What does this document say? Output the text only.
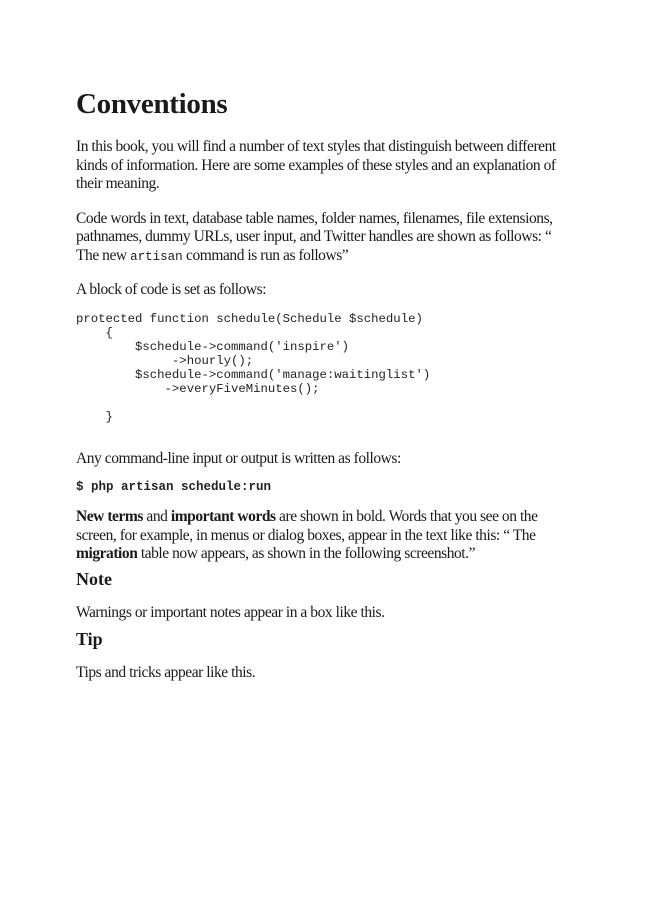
Conventions

In this book, you will find a number of text styles that distinguish between different kinds of information. Here are some examples of these styles and an explanation of their meaning.

Code words in text, database table names, folder names, filenames, file extensions, pathnames, dummy URLs, user input, and Twitter handles are shown as follows: “ The new artisan command is run as follows”

A block of code is set as follows:

protected function schedule(Schedule $schedule)
{
$schedule->command('inspire')
->hourly();
$schedule->command('manage:waitinglist')
->everyFiveMinutes();

}

Any command-line input or output is written as follows:

$ php artisan schedule:run

New terms and important words are shown in bold. Words that you see on the screen, for example, in menus or dialog boxes, appear in the text like this: “ The migration table now appears, as shown in the following screenshot.”

Note

Warnings or important notes appear in a box like this.

Tip

Tips and tricks appear like this.
